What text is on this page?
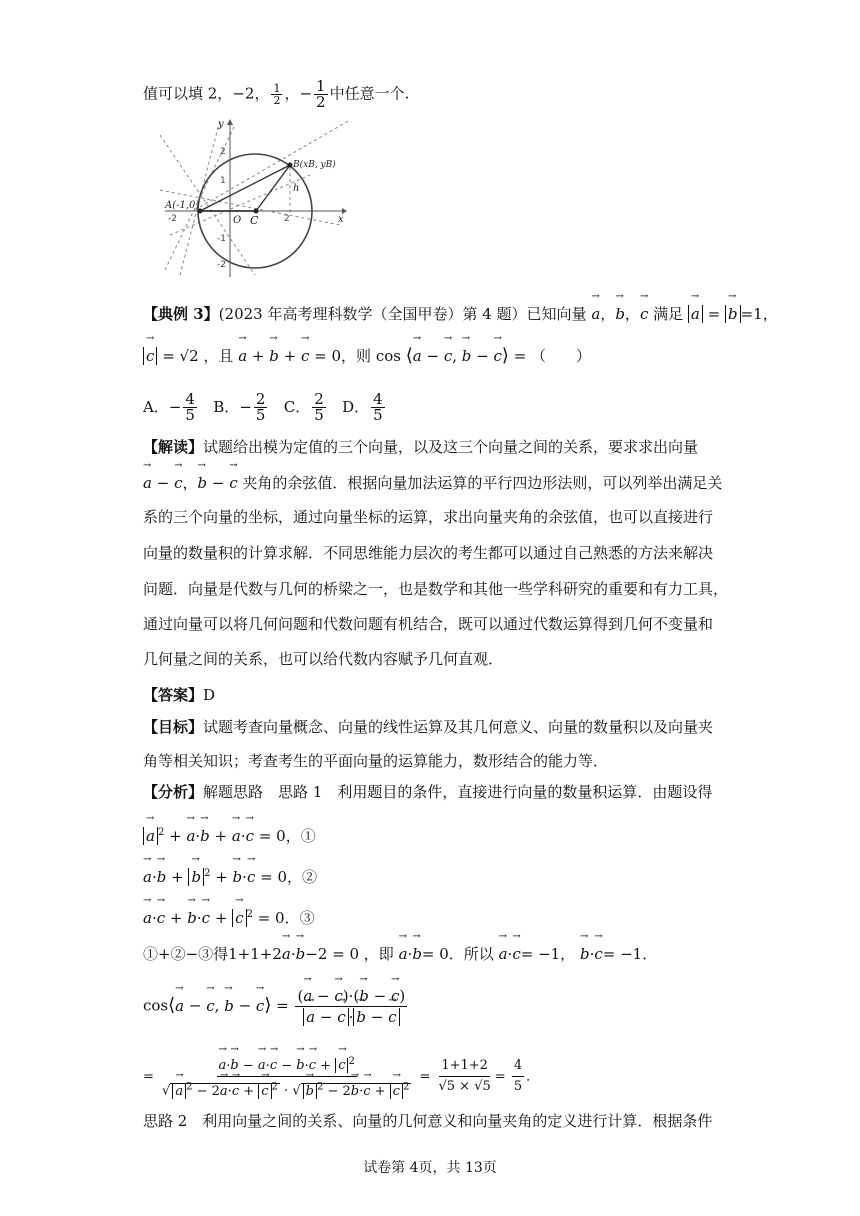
值可以填 2，−2， $\frac{1}{2}$ ，− $\frac{1}{2}$ 中任意一个.
A(-1,0)
B(xB, yB)
O C
h
x
y
-2	2
2
1
-1
-2
【典例 3】(2023 年高考理科数学（全国甲卷）第 4 题）已知向量 → a，→ b，→ c 满足 → a = → b =1，
→ c = √2 ，且 → a + → b + → c = 0，则 cos ⟨→ a − → c, → b − → c⟩ = （　　）
A．− $\frac{4}{5}$ B．− $\frac{2}{5}$ C． $\frac{2}{5}$ D． $\frac{4}{5}$
【解读】试题给出模为定值的三个向量，以及这三个向量之间的关系，要求求出向量
→ a − → c，→ b − → c 夹角的余弦值．根据向量加法运算的平行四边形法则，可以列举出满足关
系的三个向量的坐标，通过向量坐标的运算，求出向量夹角的余弦值，也可以直接进行
向量的数量积的计算求解．不同思维能力层次的考生都可以通过自己熟悉的方法来解决
问题．向量是代数与几何的桥梁之一，也是数学和其他一些学科研究的重要和有力工具，
通过向量可以将几何问题和代数问题有机结合，既可以通过代数运算得到几何不变量和
几何量之间的关系，也可以给代数内容赋予几何直观．
【答案】D
【目标】试题考查向量概念、向量的线性运算及其几何意义、向量的数量积以及向量夹
角等相关知识；考查考生的平面向量的运算能力，数形结合的能力等．
【分析】解题思路　思路 1　利用题目的条件，直接进行向量的数量积运算．由题设得
→ a $^2$ + → a·→ b + → a·→ c = 0，①
→ a·→ b + → b $^2$ + → b·→ c = 0，②
→ a·→ c + → b·→ c + → c $^2$ = 0．③
①+②−③得1+1+2→ a·→ b−2 = 0 ，即 → a·→ b= 0．所以 → a·→ c= −1， → b·→ c= −1．
cos⟨→ a − → c, → b − → c⟩ = (→ a − → c)·(→ b − → c)
→ a − → c · → b − → c
= → $\frac{a\cdot\to b - \to a\cdot\to c - \to b\cdot\to c + \to c ^2}{√ \to a ^2 - 2\to a\cdot\to c + \to c ^2 \cdot √ \to b ^2 - 2\to b\cdot\to c + \to c ^2} = \frac{1+1+2}{√5 \times √5} = \frac{4}{5}$ ．
思路 2　利用向量之间的关系、向量的几何意义和向量夹角的定义进行计算．根据条件
试卷第 4页，共 13页
